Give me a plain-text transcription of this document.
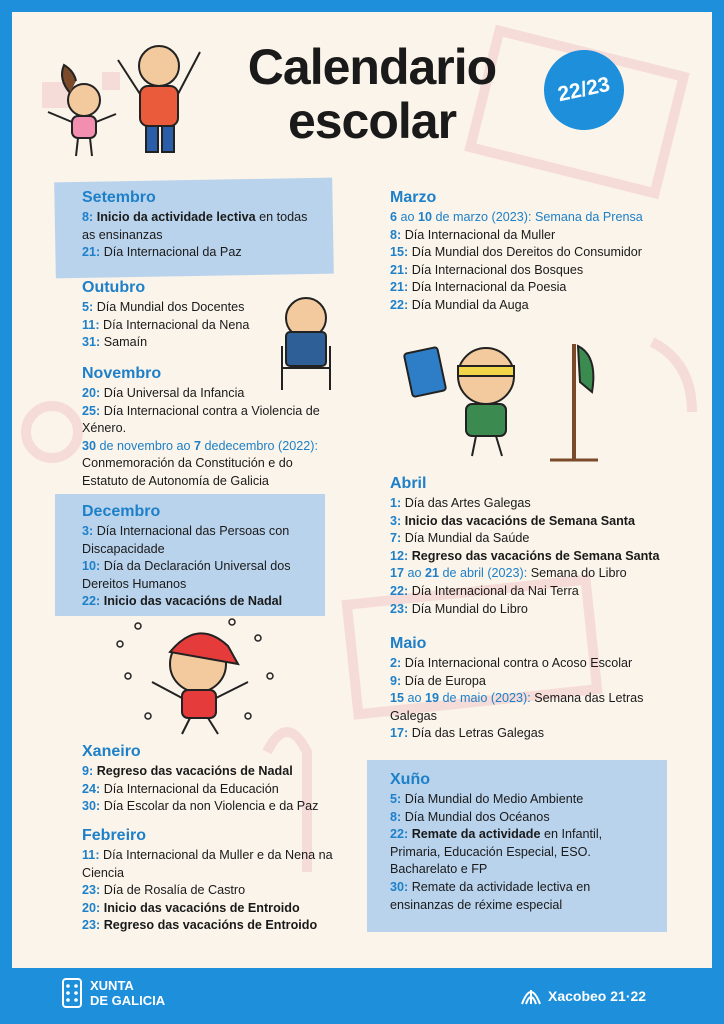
Calendario
escolar
22/23
Setembro

8: Inicio da actividade lectiva en todas as ensinanzas

21: Día Internacional da Paz

Outubro

5: Día Mundial dos Docentes

11: Día Internacional da Nena

31: Samaín

Novembro

20: Día Universal da Infancia

25: Día Internacional contra a Violencia de Xénero.

30 de novembro ao 7 dedecembro (2022): Conmemoración da Constitución e do Estatuto de Autonomía de Galicia

Decembro

3: Día Internacional das Persoas con Discapacidade

10: Día da Declaración Universal dos Dereitos Humanos

22: Inicio das vacacións de Nadal

Xaneiro

9: Regreso das vacacións de Nadal

24: Día Internacional da Educación

30: Día Escolar da non Violencia e da Paz

Febreiro

11: Día Internacional da Muller e da Nena na Ciencia

23: Día de Rosalía de Castro

20: Inicio das vacacións de Entroido

23: Regreso das vacacións de Entroido

Marzo

6 ao 10 de marzo (2023): Semana da Prensa

8: Día Internacional da Muller

15: Día Mundial dos Dereitos do Consumidor

21: Día Internacional dos Bosques

21: Día Internacional da Poesia

22: Día Mundial da Auga

Abril

1: Día das Artes Galegas

3: Inicio das vacacións de Semana Santa

7: Día Mundial da Saúde

12: Regreso das vacacións de Semana Santa

17 ao 21 de abril (2023): Semana do Libro

22: Día Internacional da Nai Terra

23: Día Mundial do Libro

Maio

2: Día Internacional contra o Acoso Escolar

9: Día de Europa

15 ao 19 de maio (2023): Semana das Letras Galegas

17: Día das Letras Galegas

Xuño

5: Día Mundial do Medio Ambiente

8: Día Mundial dos Océanos

22: Remate da actividade en Infantil, Primaria, Educación Especial, ESO. Bacharelato e FP

30: Remate da actividade lectiva en ensinanzas de réxime especial

XUNTA
DE GALICIA	Xacobeo 21·22
